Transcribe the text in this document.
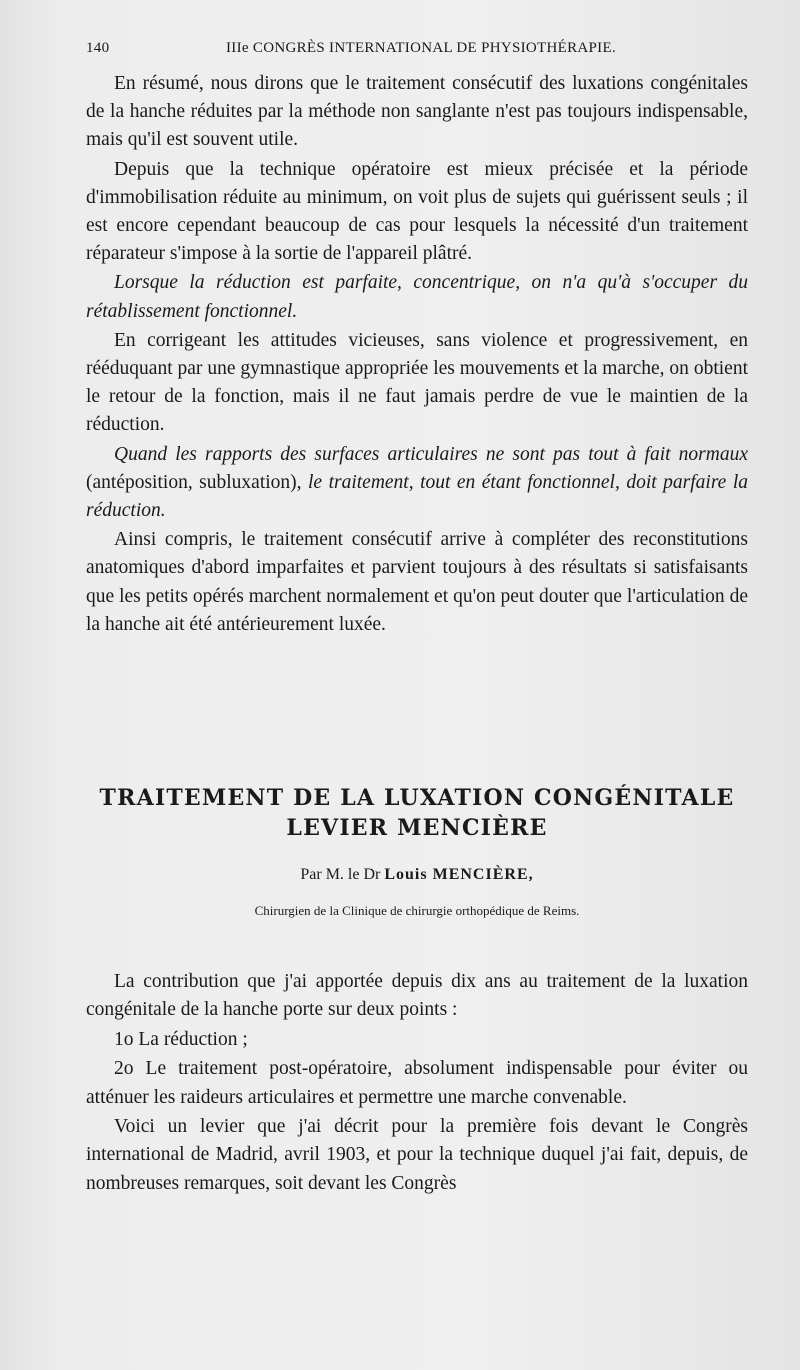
140	IIIe CONGRÈS INTERNATIONAL DE PHYSIOTHÉRAPIE.

En résumé, nous dirons que le traitement consécutif des luxations congénitales de la hanche réduites par la méthode non sanglante n'est pas toujours indispensable, mais qu'il est souvent utile.

Depuis que la technique opératoire est mieux précisée et la période d'immobilisation réduite au minimum, on voit plus de sujets qui guérissent seuls ; il est encore cependant beaucoup de cas pour lesquels la nécessité d'un traitement réparateur s'impose à la sortie de l'appareil plâtré.

Lorsque la réduction est parfaite, concentrique, on n'a qu'à s'occuper du rétablissement fonctionnel.

En corrigeant les attitudes vicieuses, sans violence et progressivement, en rééduquant par une gymnastique appropriée les mouvements et la marche, on obtient le retour de la fonction, mais il ne faut jamais perdre de vue le maintien de la réduction.

Quand les rapports des surfaces articulaires ne sont pas tout à fait normaux (antéposition, subluxation), le traitement, tout en étant fonctionnel, doit parfaire la réduction.

Ainsi compris, le traitement consécutif arrive à compléter des reconstitutions anatomiques d'abord imparfaites et parvient toujours à des résultats si satisfaisants que les petits opérés marchent normalement et qu'on peut douter que l'articulation de la hanche ait été antérieurement luxée.

TRAITEMENT DE LA LUXATION CONGÉNITALE
LEVIER MENCIÈRE
Par M. le Dr Louis MENCIÈRE,
Chirurgien de la Clinique de chirurgie orthopédique de Reims.

La contribution que j'ai apportée depuis dix ans au traitement de la luxation congénitale de la hanche porte sur deux points :

1o La réduction ;

2o Le traitement post-opératoire, absolument indispensable pour éviter ou atténuer les raideurs articulaires et permettre une marche convenable.

Voici un levier que j'ai décrit pour la première fois devant le Congrès international de Madrid, avril 1903, et pour la technique duquel j'ai fait, depuis, de nombreuses remarques, soit devant les Congrès
